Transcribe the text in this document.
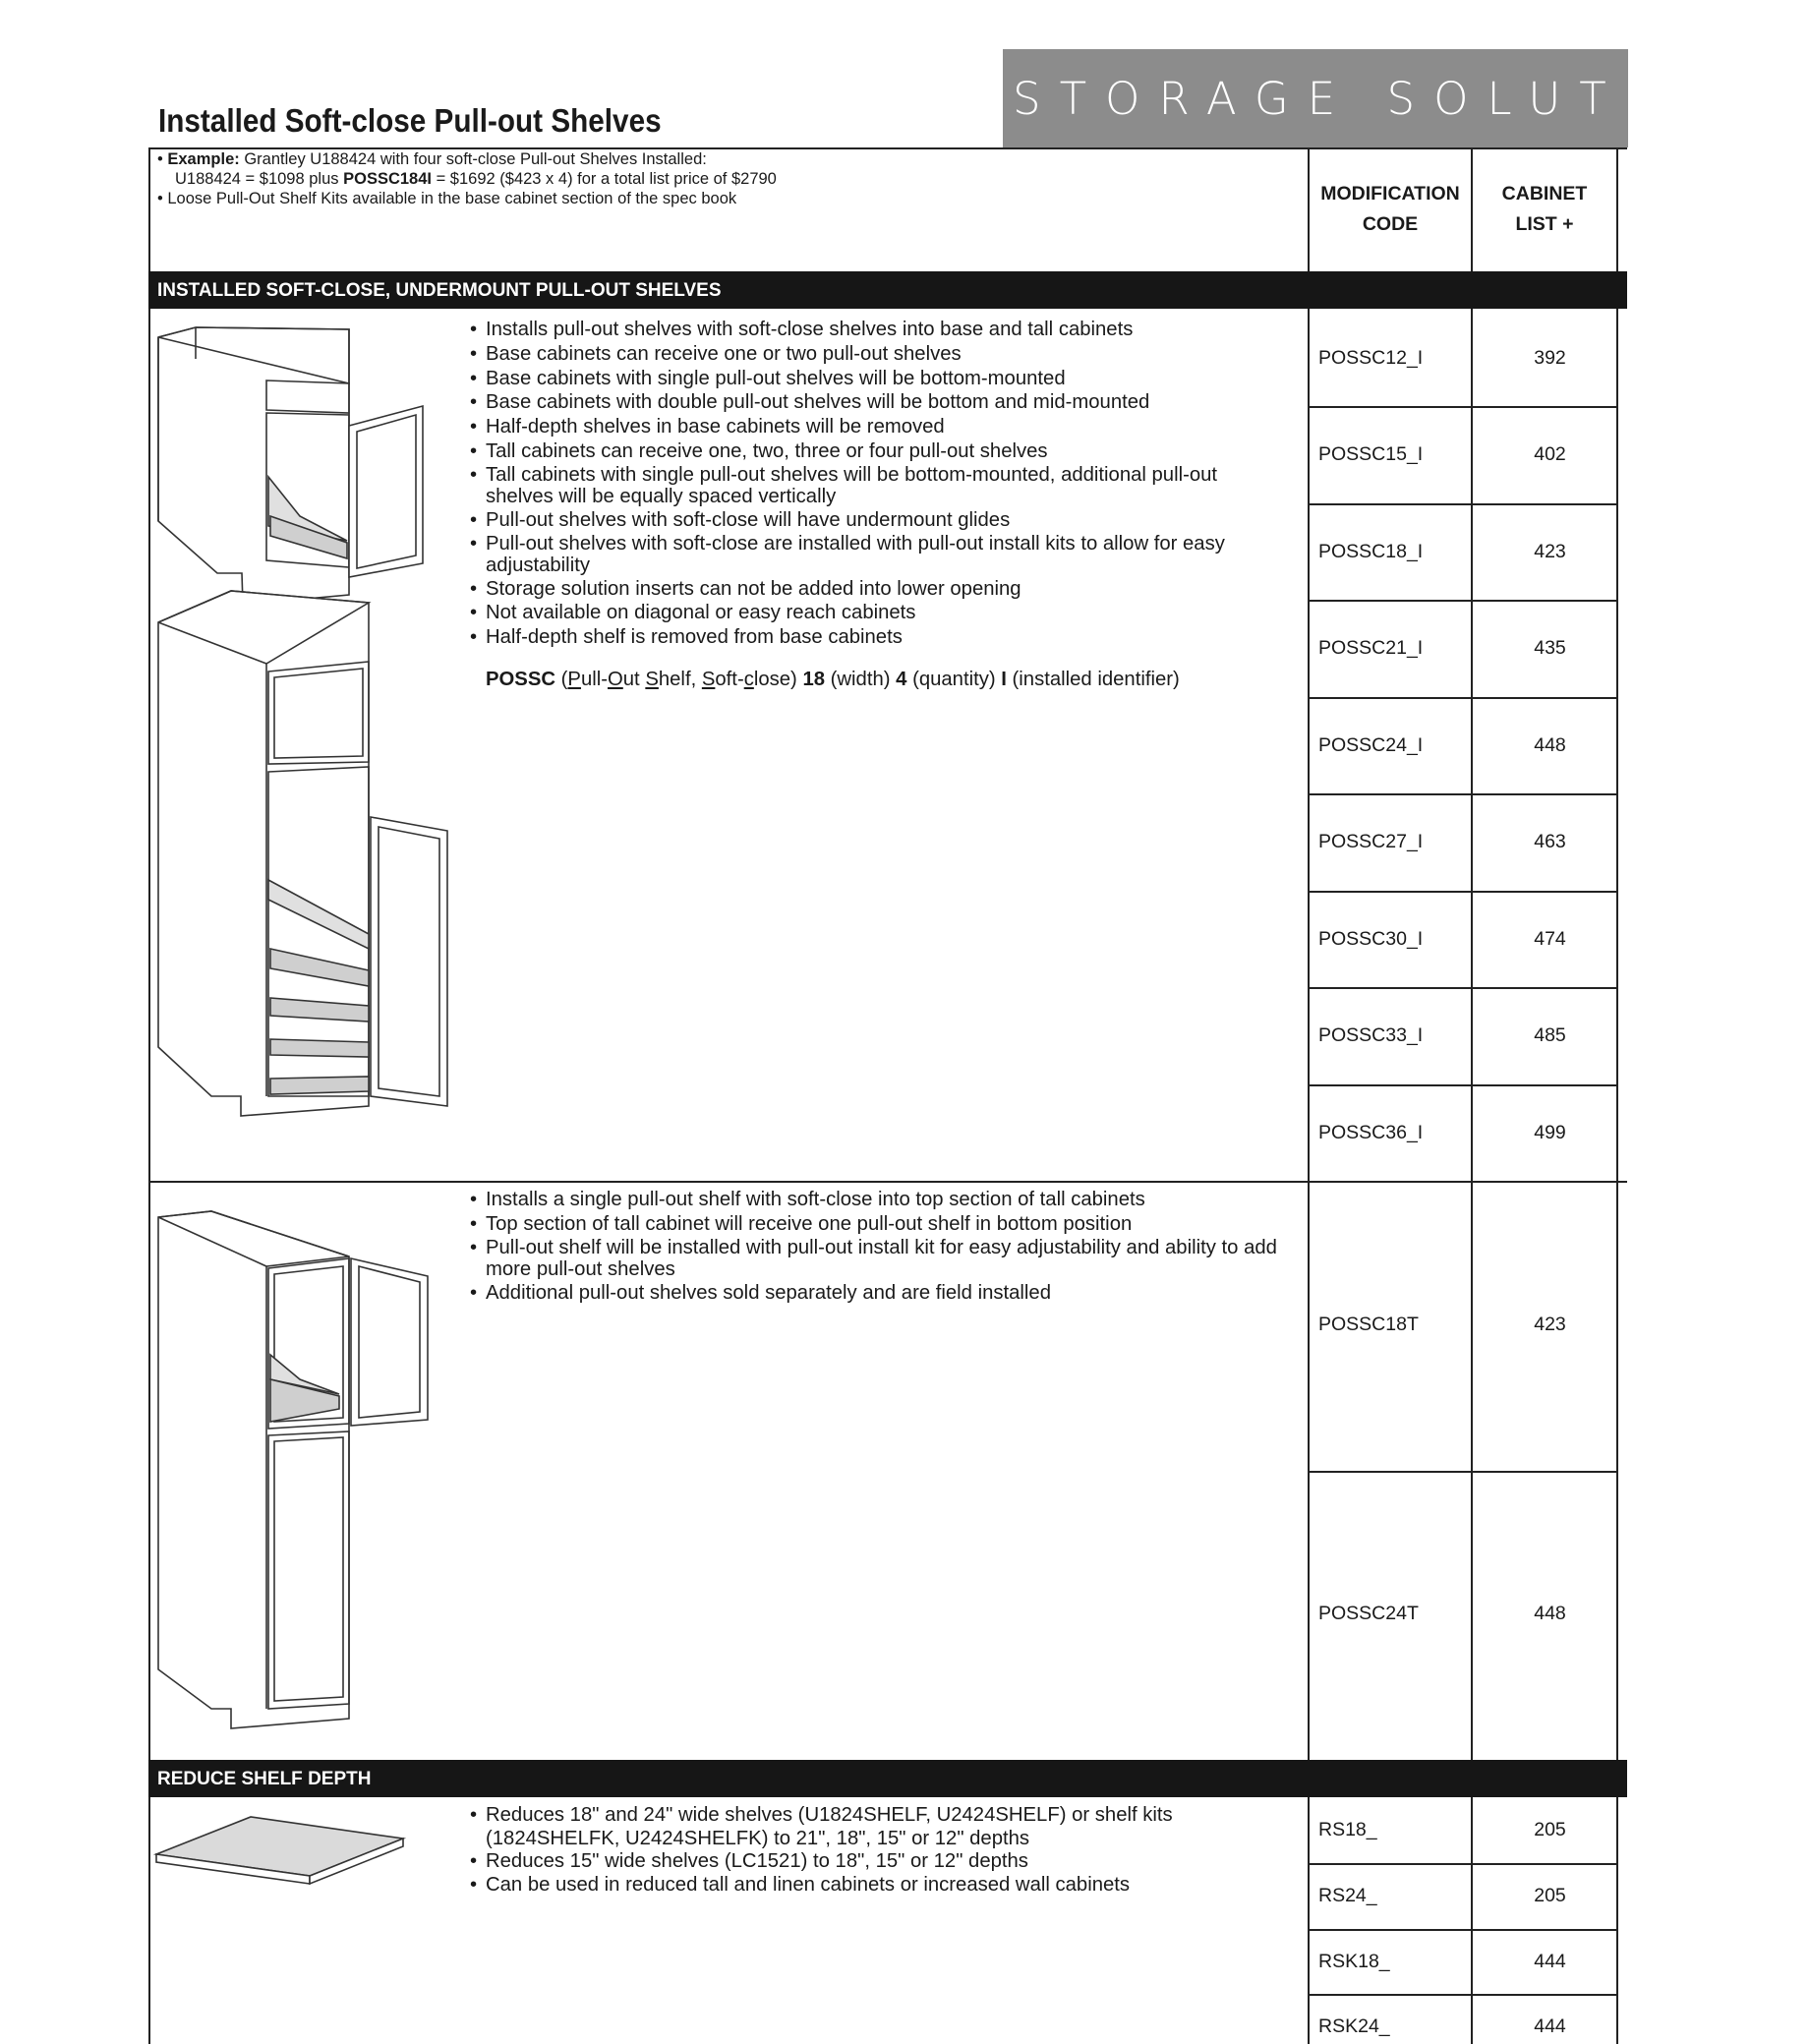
STORAGE SOLUTIONS
Installed Soft-close Pull-out Shelves
• Example: Grantley U188424 with four soft-close Pull-out Shelves Installed:
U188424 = $1098 plus POSSC184I = $1692 ($423 x 4) for a total list price of $2790
• Loose Pull-Out Shelf Kits available in the base cabinet section of the spec book	MODIFICATION
CODE
CABINET
LIST +
INSTALLED SOFT-CLOSE, UNDERMOUNT PULL-OUT SHELVES
• Installs pull-out shelves with soft-close shelves into base and tall cabinets
• Base cabinets can receive one or two pull-out shelves
• Base cabinets with single pull-out shelves will be bottom-mounted
• Base cabinets with double pull-out shelves will be bottom and mid-mounted
• Half-depth shelves in base cabinets will be removed
• Tall cabinets can receive one, two, three or four pull-out shelves
• Tall cabinets with single pull-out shelves will be bottom-mounted, additional pull-out shelves will be equally spaced vertically
• Pull-out shelves with soft-close will have undermount glides
• Pull-out shelves with soft-close are installed with pull-out install kits to allow for easy adjustability
• Storage solution inserts can not be added into lower opening
• Not available on diagonal or easy reach cabinets
• Half-depth shelf is removed from base cabinets
POSSC (Pull-Out Shelf, Soft-close) 18 (width) 4 (quantity) I (installed identifier)
POSSC12_I	392
POSSC15_I	402
POSSC18_I	423
POSSC21_I	435
POSSC24_I	448
POSSC27_I	463
POSSC30_I	474
POSSC33_I	485
POSSC36_I	499
• Installs a single pull-out shelf with soft-close into top section of tall cabinets
• Top section of tall cabinet will receive one pull-out shelf in bottom position
• Pull-out shelf will be installed with pull-out install kit for easy adjustability and ability to add more pull-out shelves
• Additional pull-out shelves sold separately and are field installed
POSSC18T	423
POSSC24T	448
REDUCE SHELF DEPTH
• Reduces 18" and 24" wide shelves (U1824SHELF, U2424SHELF) or shelf kits (1824SHELFK, U2424SHELFK) to 21", 18", 15" or 12" depths
• Reduces 15" wide shelves (LC1521) to 18", 15" or 12" depths
• Can be used in reduced tall and linen cabinets or increased wall cabinets
RS18_	205
RS24_	205
RSK18_	444
RSK24_	444
